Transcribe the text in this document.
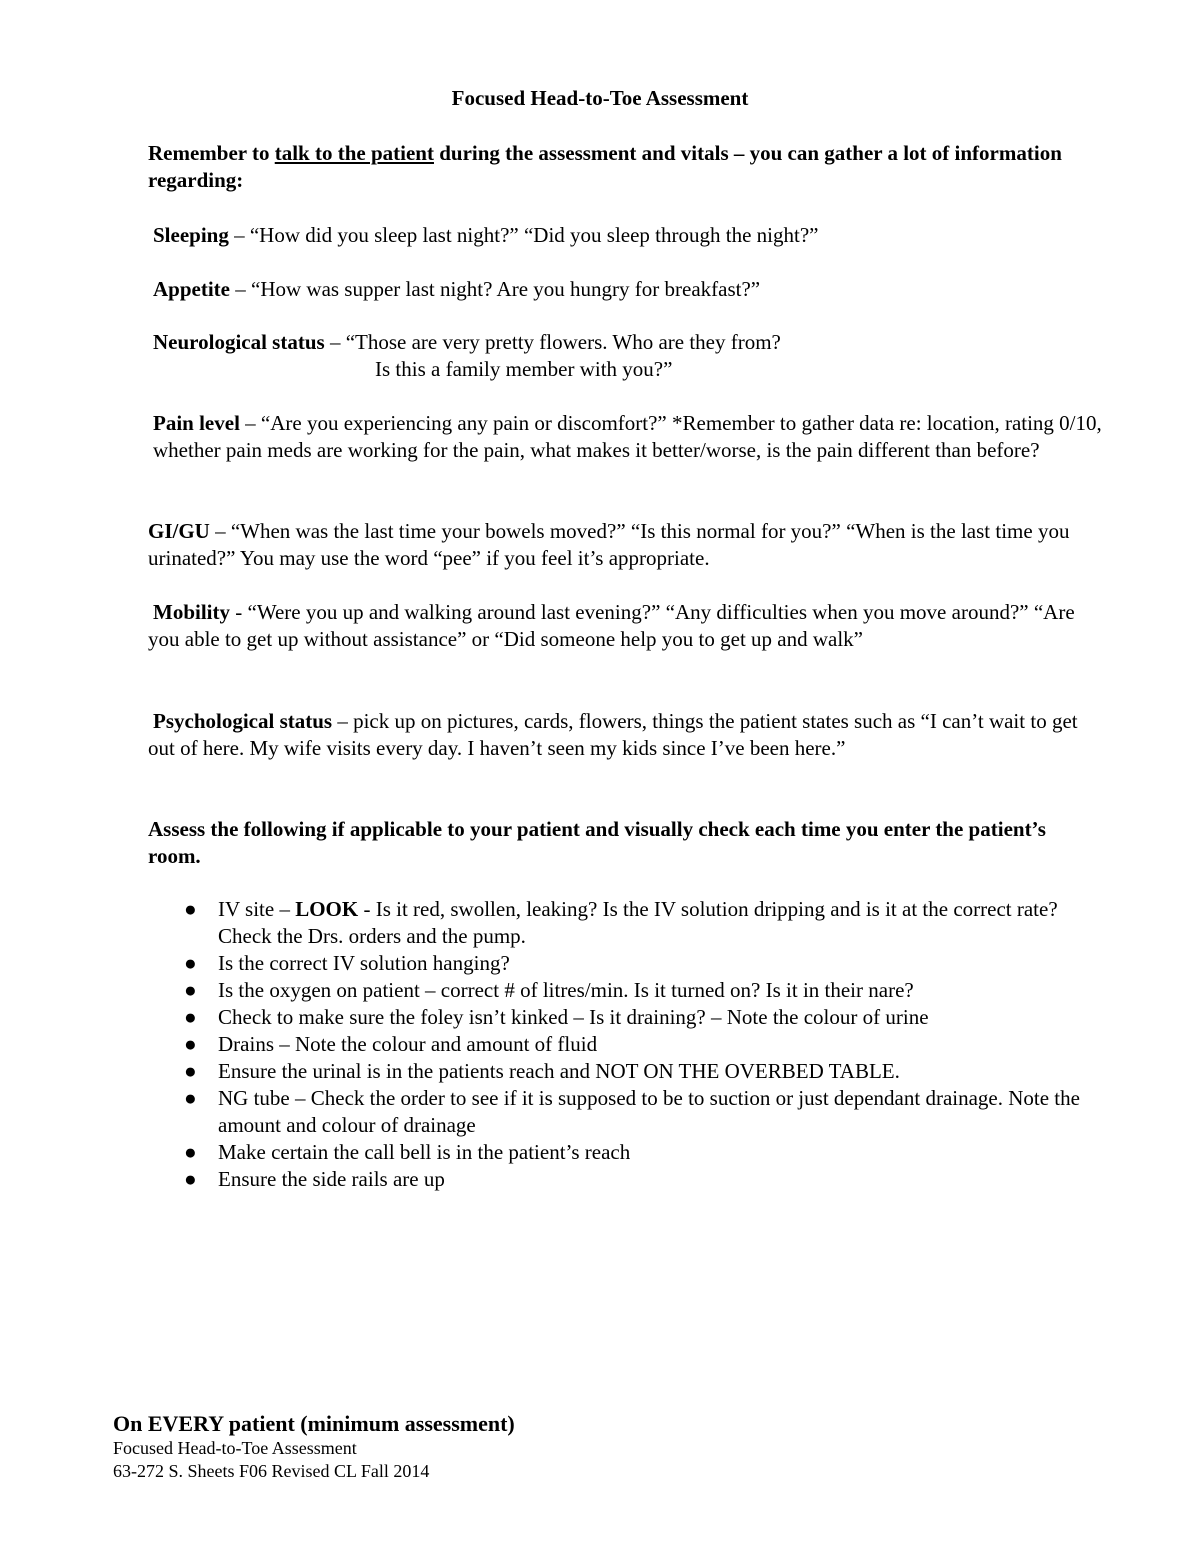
Focused Head-to-Toe Assessment
Remember to talk to the patient during the assessment and vitals – you can gather a lot of information regarding:
Sleeping – “How did you sleep last night?” “Did you sleep through the night?”
Appetite – “How was supper last night? Are you hungry for breakfast?”
Neurological status – “Those are very pretty flowers. Who are they from?
Is this a family member with you?”
Pain level – “Are you experiencing any pain or discomfort?” *Remember to gather data re: location, rating 0/10, whether pain meds are working for the pain, what makes it better/worse, is the pain different than before?
GI/GU – “When was the last time your bowels moved?” “Is this normal for you?” “When is the last time you urinated?” You may use the word “pee” if you feel it’s appropriate.
Mobility - “Were you up and walking around last evening?” “Any difficulties when you move around?” “Are you able to get up without assistance” or “Did someone help you to get up and walk”
Psychological status – pick up on pictures, cards, flowers, things the patient states such as “I can’t wait to get out of here. My wife visits every day. I haven’t seen my kids since I’ve been here.”
Assess the following if applicable to your patient and visually check each time you enter the patient’s room.
● IV site – LOOK - Is it red, swollen, leaking? Is the IV solution dripping and is it at the correct rate? Check the Drs. orders and the pump.
● Is the correct IV solution hanging?
● Is the oxygen on patient – correct # of litres/min. Is it turned on? Is it in their nare?
● Check to make sure the foley isn’t kinked – Is it draining? – Note the colour of urine
● Drains – Note the colour and amount of fluid
● Ensure the urinal is in the patients reach and NOT ON THE OVERBED TABLE.
● NG tube – Check the order to see if it is supposed to be to suction or just dependant drainage. Note the amount and colour of drainage
● Make certain the call bell is in the patient’s reach
● Ensure the side rails are up
On EVERY patient (minimum assessment)
Focused Head-to-Toe Assessment
63-272 S. Sheets F06 Revised CL Fall 2014
